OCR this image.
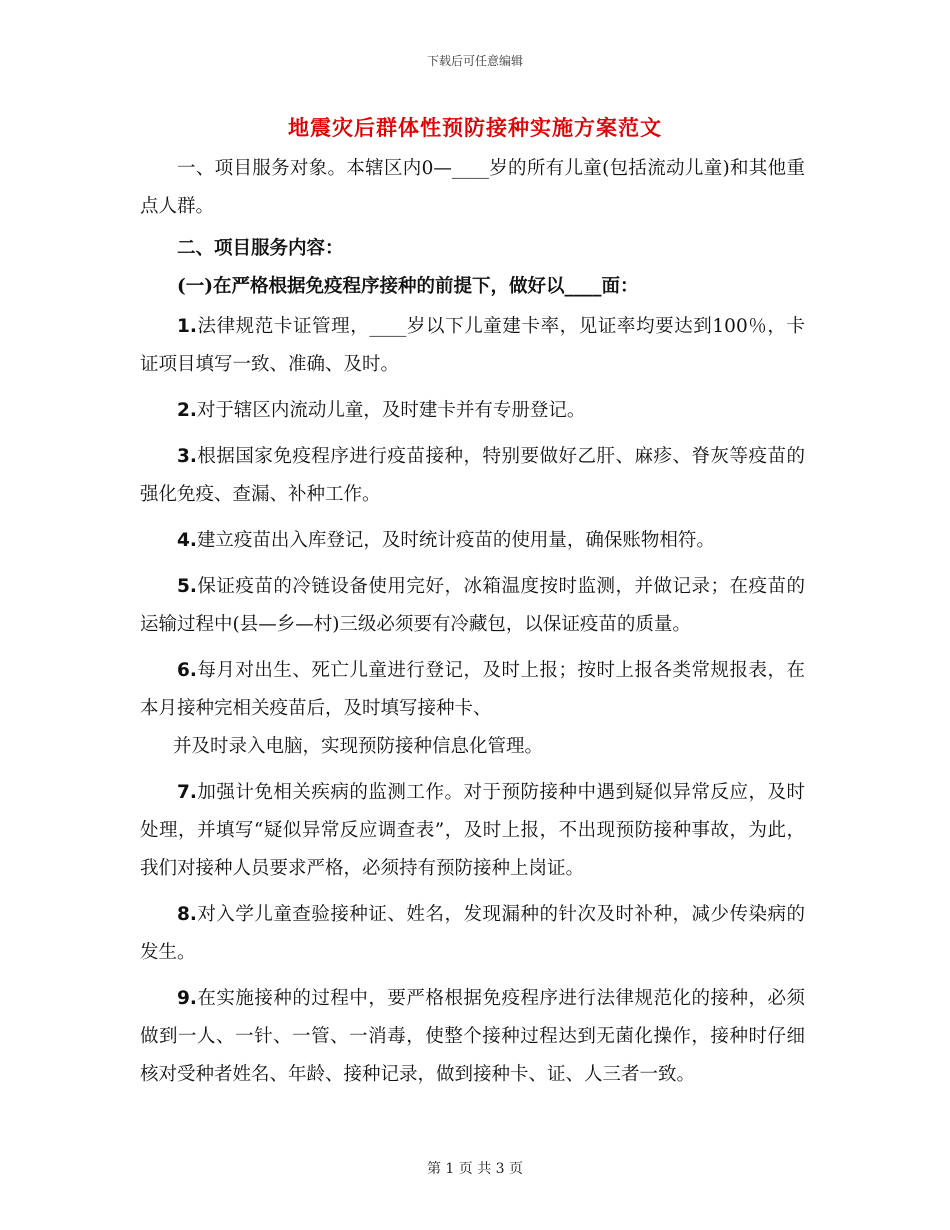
下载后可任意编辑
地震灾后群体性预防接种实施方案范文

一、项目服务对象。本辖区内0—____岁的所有儿童(包括流动儿童)和其他重点人群。

二、项目服务内容：

(一)在严格根据免疫程序接种的前提下，做好以____面：

1.法律规范卡证管理，____岁以下儿童建卡率，见证率均要达到100％，卡证项目填写一致、准确、及时。

2.对于辖区内流动儿童，及时建卡并有专册登记。

3.根据国家免疫程序进行疫苗接种，特别要做好乙肝、麻疹、脊灰等疫苗的强化免疫、查漏、补种工作。

4.建立疫苗出入库登记，及时统计疫苗的使用量，确保账物相符。

5.保证疫苗的冷链设备使用完好，冰箱温度按时监测，并做记录；在疫苗的运输过程中(县—乡—村)三级必须要有冷藏包，以保证疫苗的质量。

6.每月对出生、死亡儿童进行登记，及时上报；按时上报各类常规报表，在本月接种完相关疫苗后，及时填写接种卡、

并及时录入电脑，实现预防接种信息化管理。

7.加强计免相关疾病的监测工作。对于预防接种中遇到疑似异常反应，及时处理，并填写“疑似异常反应调查表”，及时上报，不出现预防接种事故，为此，我们对接种人员要求严格，必须持有预防接种上岗证。

8.对入学儿童查验接种证、姓名，发现漏种的针次及时补种，减少传染病的发生。

9.在实施接种的过程中，要严格根据免疫程序进行法律规范化的接种，必须做到一人、一针、一管、一消毒，使整个接种过程达到无菌化操作，接种时仔细核对受种者姓名、年龄、接种记录，做到接种卡、证、人三者一致。

第 1 页 共 3 页
